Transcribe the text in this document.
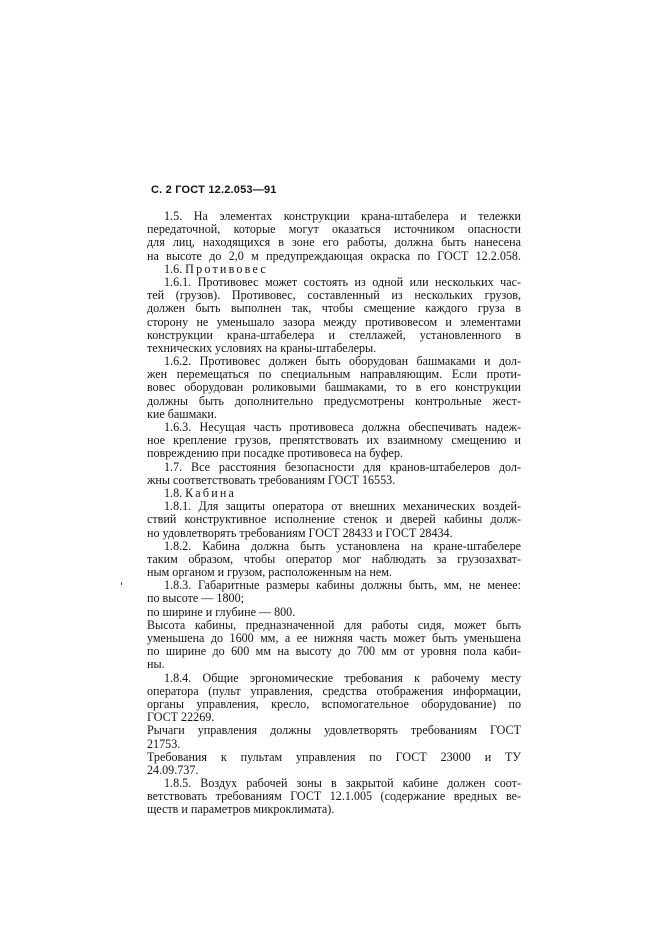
С. 2 ГОСТ 12.2.053—91
1.5. На элементах конструкции крана-штабелера и тележки
передаточной, которые могут оказаться источником опасности
для лиц, находящихся в зоне его работы, должна быть нанесена
на высоте до 2,0 м предупреждающая окраска по ГОСТ 12.2.058.
1.6. Противовес
1.6.1. Противовес может состоять из одной или нескольких час-
тей (грузов). Противовес, составленный из нескольких грузов,
должен быть выполнен так, чтобы смещение каждого груза в
сторону не уменьшало зазора между противовесом и элементами
конструкции крана-штабелера и стеллажей, установленного в
технических условиях на краны-штабелеры.
1.6.2. Противовес должен быть оборудован башмаками и дол-
жен перемещаться по специальным направляющим. Если проти-
вовес оборудован роликовыми башмаками, то в его конструкции
должны быть дополнительно предусмотрены контрольные жест-
кие башмаки.
1.6.3. Несущая часть противовеса должна обеспечивать надеж-
ное крепление грузов, препятствовать их взаимному смещению и
повреждению при посадке противовеса на буфер.
1.7. Все расстояния безопасности для кранов-штабелеров дол-
жны соответствовать требованиям ГОСТ 16553.
1.8. Кабина
1.8.1. Для защиты оператора от внешних механических воздей-
ствий конструктивное исполнение стенок и дверей кабины долж-
но удовлетворять требованиям ГОСТ 28433 и ГОСТ 28434.
1.8.2. Кабина должна быть установлена на кране-штабелере
таким образом, чтобы оператор мог наблюдать за грузозахват-
ным органом и грузом, расположенным на нем.
1.8.3. Габаритные размеры кабины должны быть, мм, не менее:
по высоте — 1800;
по ширине и глубине — 800.
Высота кабины, предназначенной для работы сидя, может быть
уменьшена до 1600 мм, а ее нижняя часть может быть уменьшена
по ширине до 600 мм на высоту до 700 мм от уровня пола каби-
ны.
1.8.4. Общие эргономические требования к рабочему месту
оператора (пульт управления, средства отображения информации,
органы управления, кресло, вспомогательное оборудование) по
ГОСТ 22269.
Рычаги управления должны удовлетворять требованиям ГОСТ
21753.
Требования к пультам управления по ГОСТ 23000 и ТУ
24.09.737.
1.8.5. Воздух рабочей зоны в закрытой кабине должен соот-
ветствовать требованиям ГОСТ 12.1.005 (содержание вредных ве-
ществ и параметров микроклимата).
